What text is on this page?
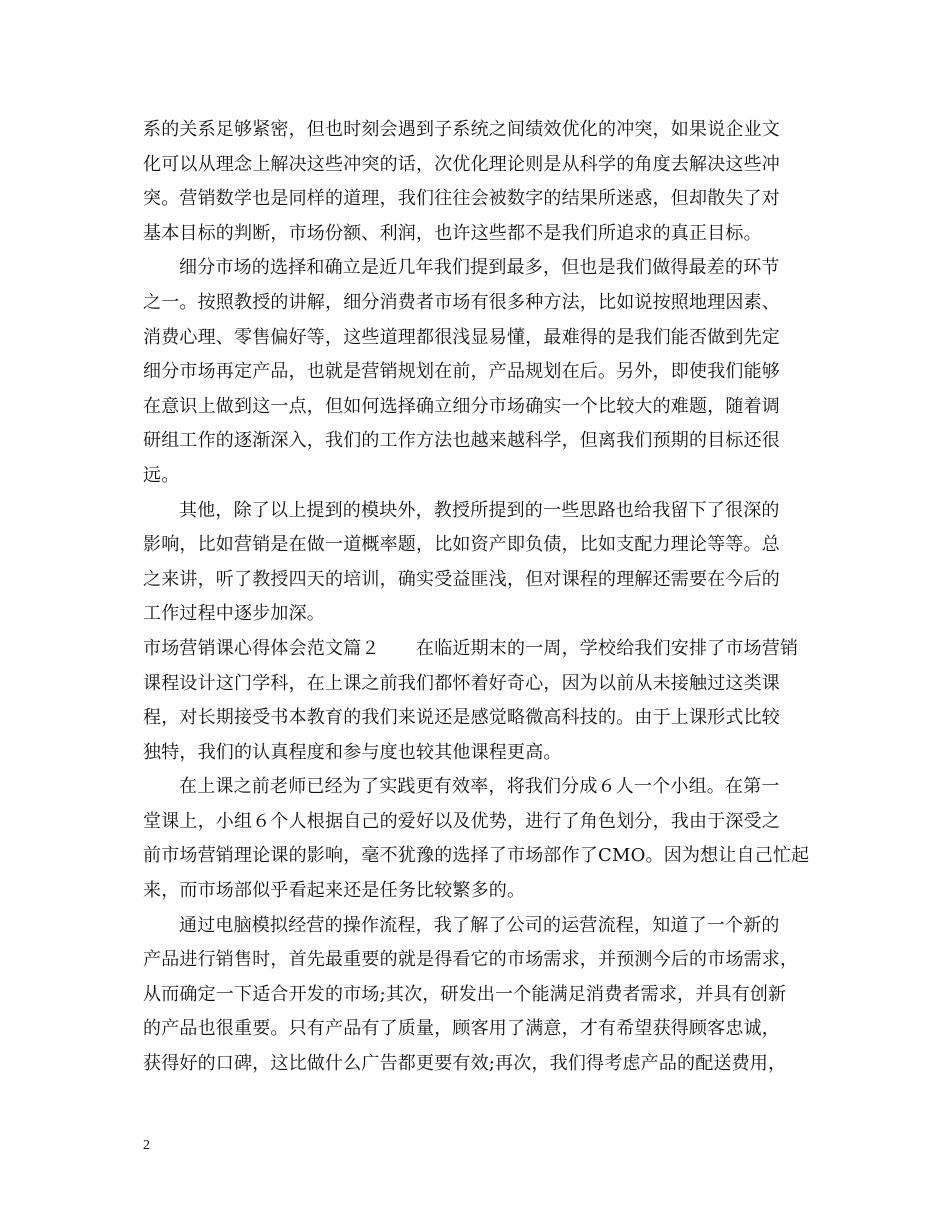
系的关系足够紧密，但也时刻会遇到子系统之间绩效优化的冲突，如果说企业文
化可以从理念上解决这些冲突的话，次优化理论则是从科学的角度去解决这些冲
突。营销数学也是同样的道理，我们往往会被数字的结果所迷惑，但却散失了对
基本目标的判断，市场份额、利润，也许这些都不是我们所追求的真正目标。

细分市场的选择和确立是近几年我们提到最多，但也是我们做得最差的环节
之一。按照教授的讲解，细分消费者市场有很多种方法，比如说按照地理因素、
消费心理、零售偏好等，这些道理都很浅显易懂，最难得的是我们能否做到先定
细分市场再定产品，也就是营销规划在前，产品规划在后。另外，即使我们能够
在意识上做到这一点，但如何选择确立细分市场确实一个比较大的难题，随着调
研组工作的逐渐深入，我们的工作方法也越来越科学，但离我们预期的目标还很
远。

其他，除了以上提到的模块外，教授所提到的一些思路也给我留下了很深的
影响，比如营销是在做一道概率题，比如资产即负债，比如支配力理论等等。总
之来讲，听了教授四天的培训，确实受益匪浅，但对课程的理解还需要在今后的
工作过程中逐步加深。

市场营销课心得体会范文篇２　　在临近期末的一周，学校给我们安排了市场营销
课程设计这门学科，在上课之前我们都怀着好奇心，因为以前从未接触过这类课
程，对长期接受书本教育的我们来说还是感觉略微高科技的。由于上课形式比较
独特，我们的认真程度和参与度也较其他课程更高。

在上课之前老师已经为了实践更有效率，将我们分成６人一个小组。在第一
堂课上，小组６个人根据自己的爱好以及优势，进行了角色划分，我由于深受之
前市场营销理论课的影响，毫不犹豫的选择了市场部作了CMO。因为想让自己忙起
来，而市场部似乎看起来还是任务比较繁多的。

通过电脑模拟经营的操作流程，我了解了公司的运营流程，知道了一个新的
产品进行销售时，首先最重要的就是得看它的市场需求，并预测今后的市场需求，
从而确定一下适合开发的市场;其次，研发出一个能满足消费者需求，并具有创新
的产品也很重要。只有产品有了质量，顾客用了满意，才有希望获得顾客忠诚，
获得好的口碑，这比做什么广告都更要有效;再次，我们得考虑产品的配送费用，

2
